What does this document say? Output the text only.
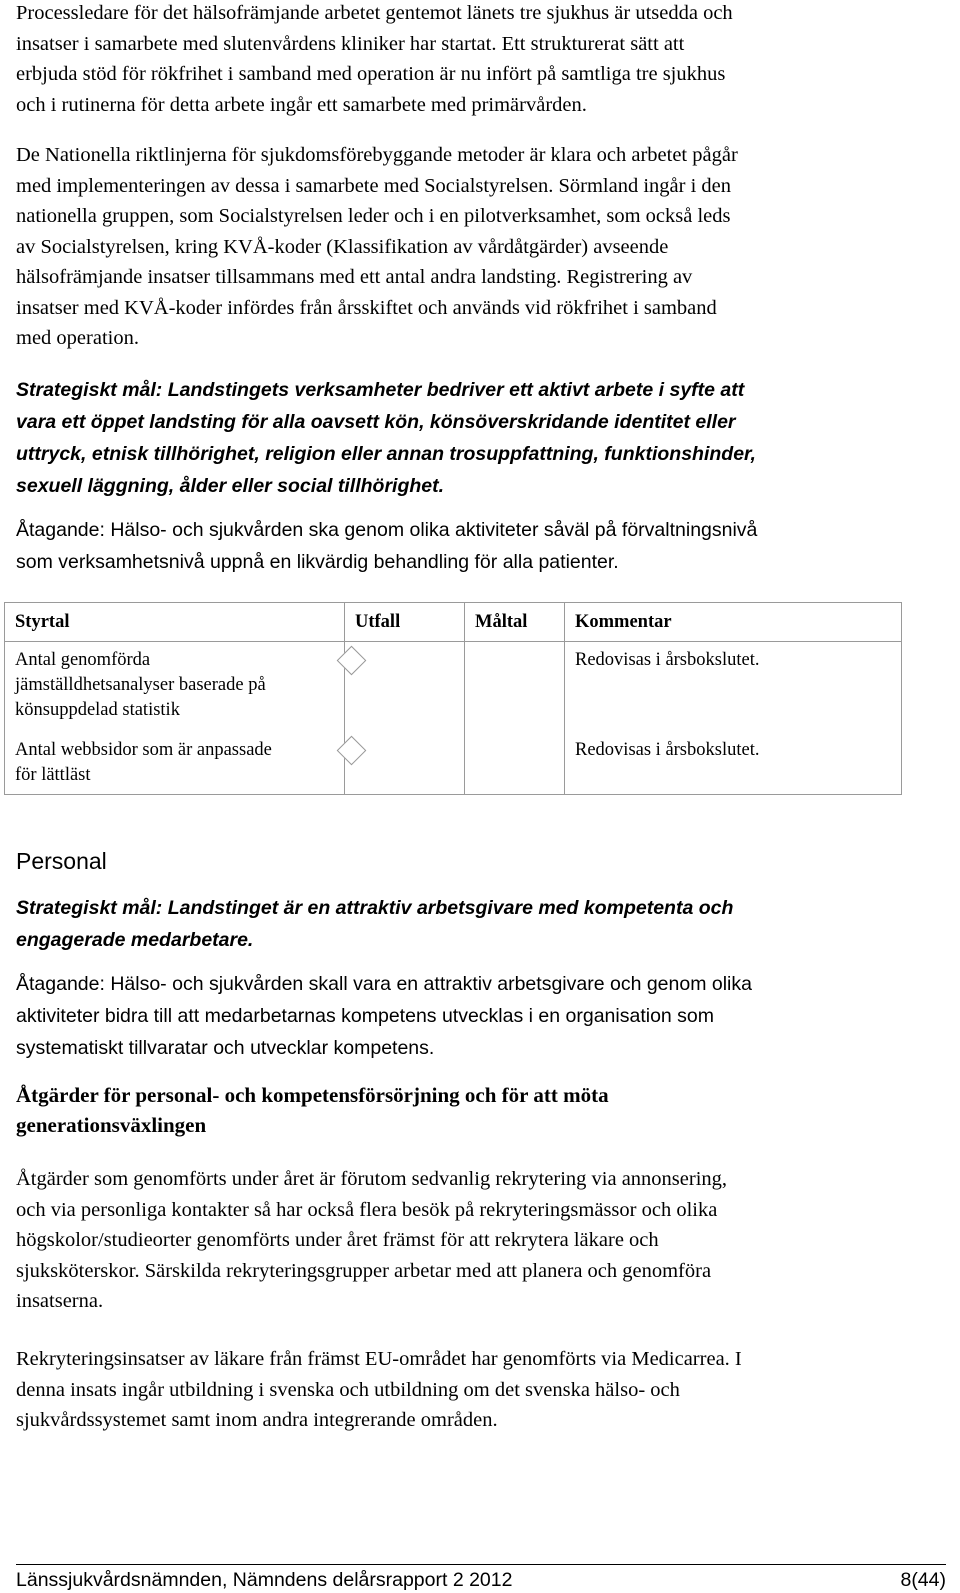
Processledare för det hälsofrämjande arbetet gentemot länets tre sjukhus är utsedda och
insatser i samarbete med slutenvårdens kliniker har startat. Ett strukturerat sätt att
erbjuda stöd för rökfrihet i samband med operation är nu infört på samtliga tre sjukhus
och i rutinerna för detta arbete ingår ett samarbete med primärvården.

De Nationella riktlinjerna för sjukdomsförebyggande metoder är klara och arbetet pågår
med implementeringen av dessa i samarbete med Socialstyrelsen. Sörmland ingår i den
nationella gruppen, som Socialstyrelsen leder och i en pilotverksamhet, som också leds
av Socialstyrelsen, kring KVÅ-koder (Klassifikation av vårdåtgärder) avseende
hälsofrämjande insatser tillsammans med ett antal andra landsting. Registrering av
insatser med KVÅ-koder infördes från årsskiftet och används vid rökfrihet i samband
med operation.

Strategiskt mål: Landstingets verksamheter bedriver ett aktivt arbete i syfte att
vara ett öppet landsting för alla oavsett kön, könsöverskridande identitet eller
uttryck, etnisk tillhörighet, religion eller annan trosuppfattning, funktionshinder,
sexuell läggning, ålder eller social tillhörighet.

Åtagande: Hälso- och sjukvården ska genom olika aktiviteter såväl på förvaltningsnivå
som verksamhetsnivå uppnå en likvärdig behandling för alla patienter.

Styrtal	Utfall	Måltal	Kommentar
Antal genomförda
jämställdhetsanalyser baserade på
könsuppdelad statistik			Redovisas i årsbokslutet.
Antal webbsidor som är anpassade
för lättläst			Redovisas i årsbokslutet.
Personal

Strategiskt mål: Landstinget är en attraktiv arbetsgivare med kompetenta och
engagerade medarbetare.

Åtagande: Hälso- och sjukvården skall vara en attraktiv arbetsgivare och genom olika
aktiviteter bidra till att medarbetarnas kompetens utvecklas i en organisation som
systematiskt tillvaratar och utvecklar kompetens.

Åtgärder för personal- och kompetensförsörjning och för att möta
generationsväxlingen

Åtgärder som genomförts under året är förutom sedvanlig rekrytering via annonsering,
och via personliga kontakter så har också flera besök på rekryteringsmässor och olika
högskolor/studieorter genomförts under året främst för att rekrytera läkare och
sjuksköterskor. Särskilda rekryteringsgrupper arbetar med att planera och genomföra
insatserna.

Rekryteringsinsatser av läkare från främst EU-området har genomförts via Medicarrea. I
denna insats ingår utbildning i svenska och utbildning om det svenska hälso- och
sjukvårdssystemet samt inom andra integrerande områden.

Länssjukvårdsnämnden, Nämndens delårsrapport 2 2012	8(44)
